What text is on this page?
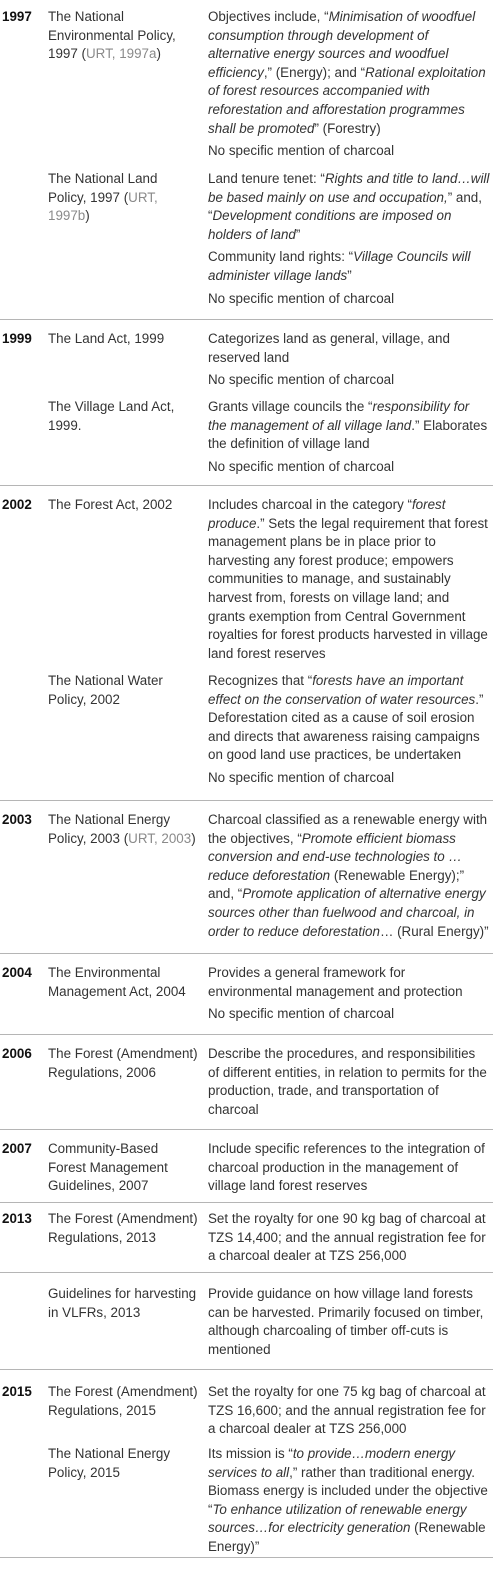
1997 The National Environmental Policy, 1997 (URT, 1997a)

Objectives include, “Minimisation of woodfuel consumption through development of alternative energy sources and woodfuel efficiency,” (Energy); and “Rational exploitation of forest resources accompanied with reforestation and afforestation programmes shall be promoted” (Forestry)

No specific mention of charcoal

The National Land Policy, 1997 (URT, 1997b)

Land tenure tenet: “Rights and title to land…will be based mainly on use and occupation,” and, “Development conditions are imposed on holders of land”

Community land rights: “Village Councils will administer village lands”

No specific mention of charcoal

1999 The Land Act, 1999	Categorizes land as general, village, and reserved land

No specific mention of charcoal

The Village Land Act, 1999.

Grants village councils the “responsibility for the management of all village land.” Elaborates the definition of village land

No specific mention of charcoal

2002 The Forest Act, 2002	Includes charcoal in the category “forest produce.” Sets the legal requirement that forest management plans be in place prior to harvesting any forest produce; empowers communities to manage, and sustainably harvest from, forests on village land; and grants exemption from Central Government royalties for forest products harvested in village land forest reserves

The National Water Policy, 2002

Recognizes that “forests have an important effect on the conservation of water resources.” Deforestation cited as a cause of soil erosion and directs that awareness raising campaigns on good land use practices, be undertaken

No specific mention of charcoal

2003 The National Energy Policy, 2003 (URT, 2003)

Charcoal classified as a renewable energy with the objectives, “Promote efficient biomass conversion and end-use technologies to … reduce deforestation (Renewable Energy);” and, “Promote application of alternative energy sources other than fuelwood and charcoal, in order to reduce deforestation… (Rural Energy)”

2004 The Environmental Management Act, 2004

Provides a general framework for environmental management and protection

No specific mention of charcoal

2006 The Forest (Amendment) Regulations, 2006

Describe the procedures, and responsibilities of different entities, in relation to permits for the production, trade, and transportation of charcoal

2007 Community-Based Forest Management Guidelines, 2007

Include specific references to the integration of charcoal production in the management of village land forest reserves

2013 The Forest (Amendment) Regulations, 2013

Set the royalty for one 90 kg bag of charcoal at TZS 14,400; and the annual registration fee for a charcoal dealer at TZS 256,000

Guidelines for harvesting in VLFRs, 2013

Provide guidance on how village land forests can be harvested. Primarily focused on timber, although charcoaling of timber off-cuts is mentioned

2015 The Forest (Amendment) Regulations, 2015

Set the royalty for one 75 kg bag of charcoal at TZS 16,600; and the annual registration fee for a charcoal dealer at TZS 256,000

The National Energy Policy, 2015

Its mission is “to provide…modern energy services to all,” rather than traditional energy. Biomass energy is included under the objective “To enhance utilization of renewable energy sources…for electricity generation (Renewable Energy)”
